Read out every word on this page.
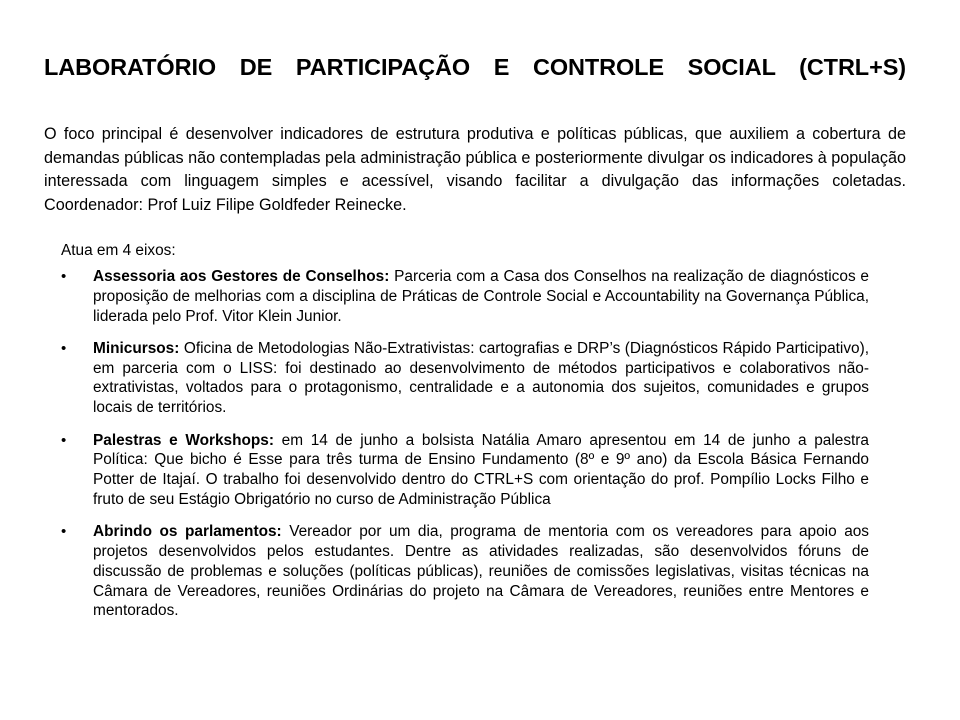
LABORATÓRIO DE PARTICIPAÇÃO E CONTROLE SOCIAL (CTRL+S)
O foco principal é desenvolver indicadores de estrutura produtiva e políticas públicas, que auxiliem a cobertura de demandas públicas não contempladas pela administração pública e posteriormente divulgar os indicadores à população interessada com linguagem simples e acessível, visando facilitar a divulgação das informações coletadas. Coordenador: Prof Luiz Filipe Goldfeder Reinecke.
Atua em 4 eixos:
• Assessoria aos Gestores de Conselhos: Parceria com a Casa dos Conselhos na realização de diagnósticos e proposição de melhorias com a disciplina de Práticas de Controle Social e Accountability na Governança Pública, liderada pelo Prof. Vitor Klein Junior.
• Minicursos: Oficina de Metodologias Não-Extrativistas: cartografias e DRP’s (Diagnósticos Rápido Participativo), em parceria com o LISS: foi destinado ao desenvolvimento de métodos participativos e colaborativos não-extrativistas, voltados para o protagonismo, centralidade e a autonomia dos sujeitos, comunidades e grupos locais de territórios.
• Palestras e Workshops: em 14 de junho a bolsista Natália Amaro apresentou em 14 de junho a palestra Política: Que bicho é Esse para três turma de Ensino Fundamento (8º e 9º ano) da Escola Básica Fernando Potter de Itajaí. O trabalho foi desenvolvido dentro do CTRL+S com orientação do prof. Pompílio Locks Filho e fruto de seu Estágio Obrigatório no curso de Administração Pública
• Abrindo os parlamentos: Vereador por um dia, programa de mentoria com os vereadores para apoio aos projetos desenvolvidos pelos estudantes. Dentre as atividades realizadas, são desenvolvidos fóruns de discussão de problemas e soluções (políticas públicas), reuniões de comissões legislativas, visitas técnicas na Câmara de Vereadores, reuniões Ordinárias do projeto na Câmara de Vereadores, reuniões entre Mentores e mentorados.
